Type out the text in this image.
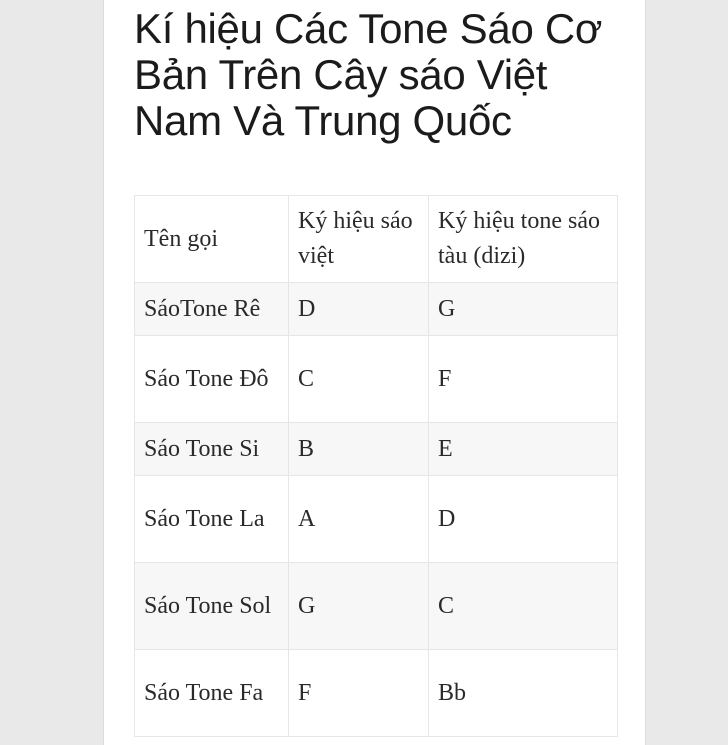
Kí hiệu Các Tone Sáo Cơ Bản Trên Cây sáo Việt Nam Và Trung Quốc
Tên gọi	Ký hiệu sáo việt	Ký hiệu tone sáo tàu (dizi)
SáoTone Rê	D	G
Sáo Tone Đô	C	F
Sáo Tone Si	B	E
Sáo Tone La	A	D
Sáo Tone Sol	G	C
Sáo Tone Fa	F	Bb
